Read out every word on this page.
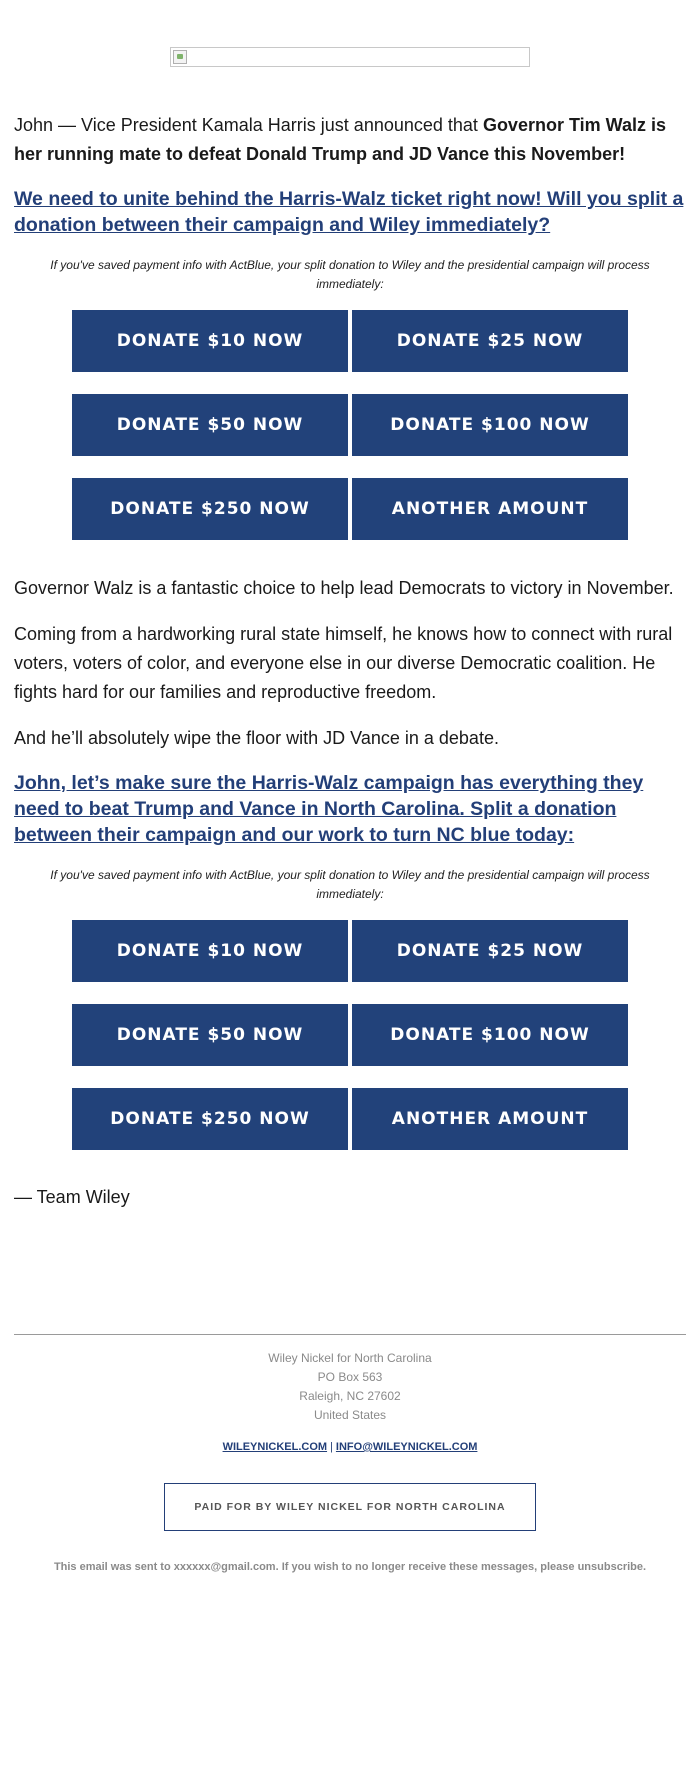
John — Vice President Kamala Harris just announced that Governor Tim Walz is her running mate to defeat Donald Trump and JD Vance this November!

We need to unite behind the Harris-Walz ticket right now! Will you split a donation between their campaign and Wiley immediately?
If you've saved payment info with ActBlue, your split donation to Wiley and the presidential campaign will process immediately:
DONATE $10 NOW	DONATE $25 NOW
DONATE $50 NOW	DONATE $100 NOW
DONATE $250 NOW	ANOTHER AMOUNT

Governor Walz is a fantastic choice to help lead Democrats to victory in November.

Coming from a hardworking rural state himself, he knows how to connect with rural voters, voters of color, and everyone else in our diverse Democratic coalition. He fights hard for our families and reproductive freedom.

And he’ll absolutely wipe the floor with JD Vance in a debate.

John, let’s make sure the Harris-Walz campaign has everything they need to beat Trump and Vance in North Carolina. Split a donation between their campaign and our work to turn NC blue today:
If you've saved payment info with ActBlue, your split donation to Wiley and the presidential campaign will process immediately:
DONATE $10 NOW	DONATE $25 NOW
DONATE $50 NOW	DONATE $100 NOW
DONATE $250 NOW	ANOTHER AMOUNT

— Team Wiley

Wiley Nickel for North Carolina
PO Box 563
Raleigh, NC 27602
United States
WILEYNICKEL.COM | INFO@WILEYNICKEL.COM
PAID FOR BY WILEY NICKEL FOR NORTH CAROLINA
This email was sent to xxxxxx@gmail.com. If you wish to no longer receive these messages, please unsubscribe.
